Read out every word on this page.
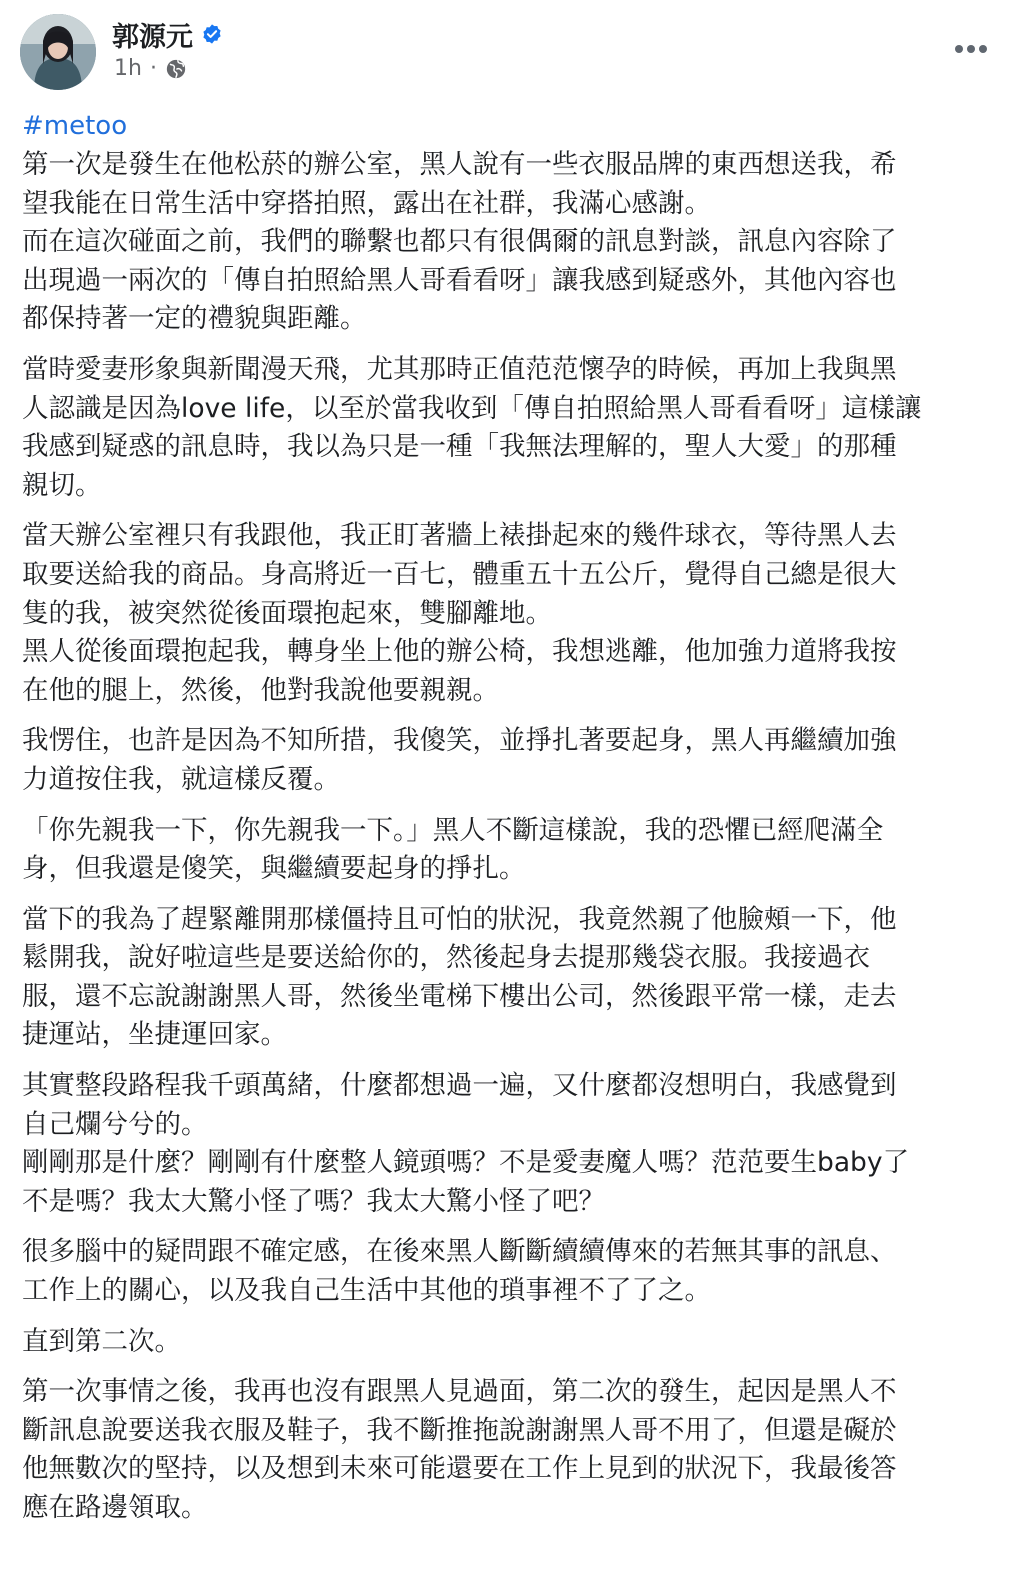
郭源元
1h ·
#metoo
第一次是發生在他松菸的辦公室，黑人說有一些衣服品牌的東西想送我，希
望我能在日常生活中穿搭拍照，露出在社群，我滿心感謝。
而在這次碰面之前，我們的聯繫也都只有很偶爾的訊息對談，訊息內容除了
出現過一兩次的「傳自拍照給黑人哥看看呀」讓我感到疑惑外，其他內容也
都保持著一定的禮貌與距離。
當時愛妻形象與新聞漫天飛，尤其那時正值范范懷孕的時候，再加上我與黑
人認識是因為love life，以至於當我收到「傳自拍照給黑人哥看看呀」這樣讓
我感到疑惑的訊息時，我以為只是一種「我無法理解的，聖人大愛」的那種
親切。
當天辦公室裡只有我跟他，我正盯著牆上裱掛起來的幾件球衣，等待黑人去
取要送給我的商品。身高將近一百七，體重五十五公斤，覺得自己總是很大
隻的我，被突然從後面環抱起來，雙腳離地。
黑人從後面環抱起我，轉身坐上他的辦公椅，我想逃離，他加強力道將我按
在他的腿上，然後，他對我說他要親親。
我愣住，也許是因為不知所措，我傻笑，並掙扎著要起身，黑人再繼續加強
力道按住我，就這樣反覆。
「你先親我一下，你先親我一下。」黑人不斷這樣說，我的恐懼已經爬滿全
身，但我還是傻笑，與繼續要起身的掙扎。
當下的我為了趕緊離開那樣僵持且可怕的狀況，我竟然親了他臉頰一下，他
鬆開我，說好啦這些是要送給你的，然後起身去提那幾袋衣服。我接過衣
服，還不忘說謝謝黑人哥，然後坐電梯下樓出公司，然後跟平常一樣，走去
捷運站，坐捷運回家。
其實整段路程我千頭萬緒，什麼都想過一遍，又什麼都沒想明白，我感覺到
自己爛兮兮的。
剛剛那是什麼？剛剛有什麼整人鏡頭嗎？不是愛妻魔人嗎？范范要生baby了
不是嗎？我太大驚小怪了嗎？我太大驚小怪了吧？
很多腦中的疑問跟不確定感，在後來黑人斷斷續續傳來的若無其事的訊息、
工作上的關心，以及我自己生活中其他的瑣事裡不了了之。
直到第二次。
第一次事情之後，我再也沒有跟黑人見過面，第二次的發生，起因是黑人不
斷訊息說要送我衣服及鞋子，我不斷推拖說謝謝黑人哥不用了，但還是礙於
他無數次的堅持，以及想到未來可能還要在工作上見到的狀況下，我最後答
應在路邊領取。
